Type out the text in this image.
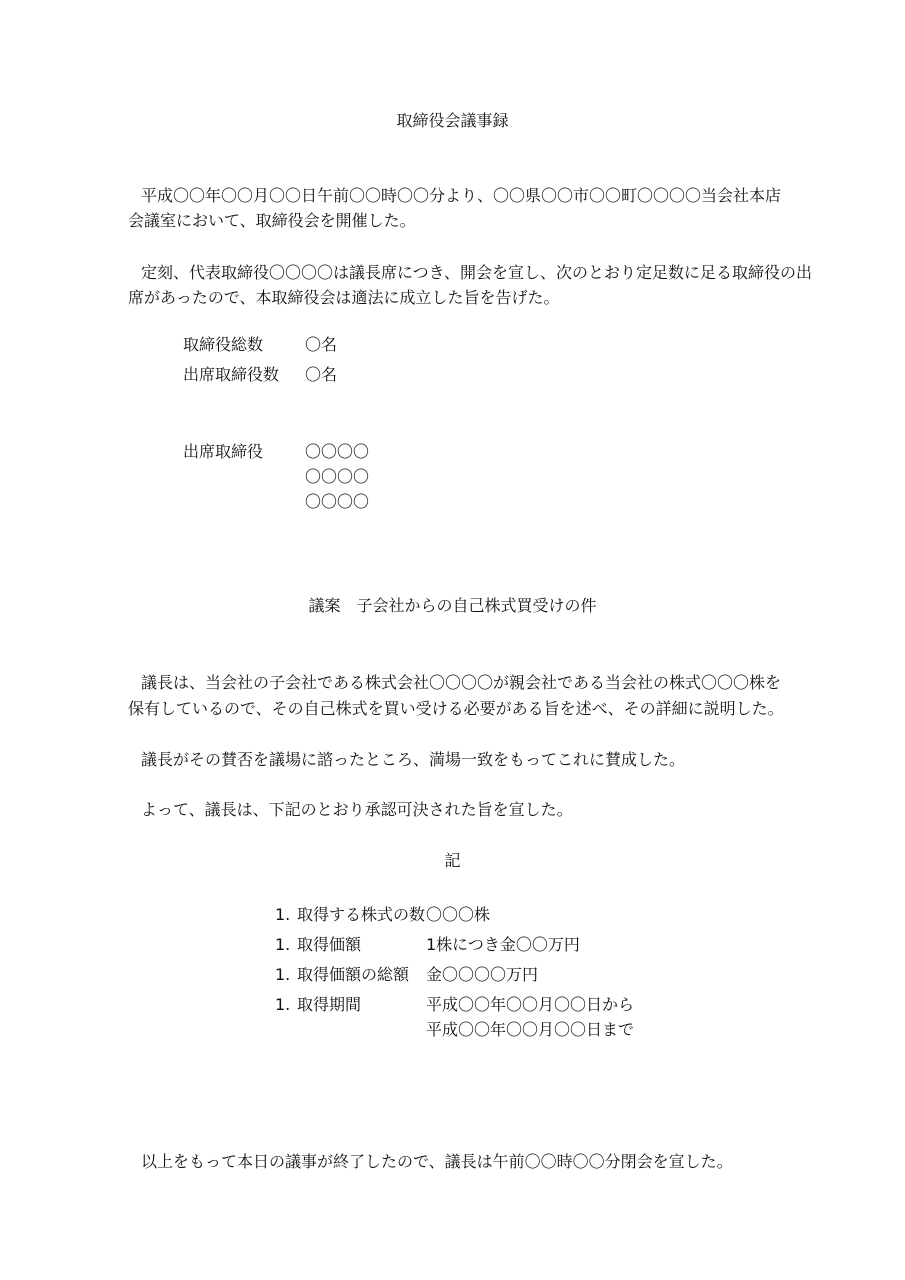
取締役会議事録
平成〇〇年〇〇月〇〇日午前〇〇時〇〇分より、〇〇県〇〇市〇〇町〇〇〇〇当会社本店
会議室において、取締役会を開催した。
定刻、代表取締役〇〇〇〇は議長席につき、開会を宣し、次のとおり定足数に足る取締役の出
席があったので、本取締役会は適法に成立した旨を告げた。
取締役総数	〇名
出席取締役数 〇名
出席取締役	〇〇〇〇
〇〇〇〇
〇〇〇〇
議案　子会社からの自己株式買受けの件
議長は、当会社の子会社である株式会社〇〇〇〇が親会社である当会社の株式〇〇〇株を
保有しているので、その自己株式を買い受ける必要がある旨を述べ、その詳細に説明した。
議長がその賛否を議場に諮ったところ、満場一致をもってこれに賛成した。
よって、議長は、下記のとおり承認可決された旨を宣した。
記
1. 取得する株式の数 〇〇〇株
1. 取得価額	1株につき金〇〇万円
1. 取得価額の総額 金〇〇〇〇万円
1. 取得期間	平成〇〇年〇〇月〇〇日から
平成〇〇年〇〇月〇〇日まで
以上をもって本日の議事が終了したので、議長は午前〇〇時〇〇分閉会を宣した。
